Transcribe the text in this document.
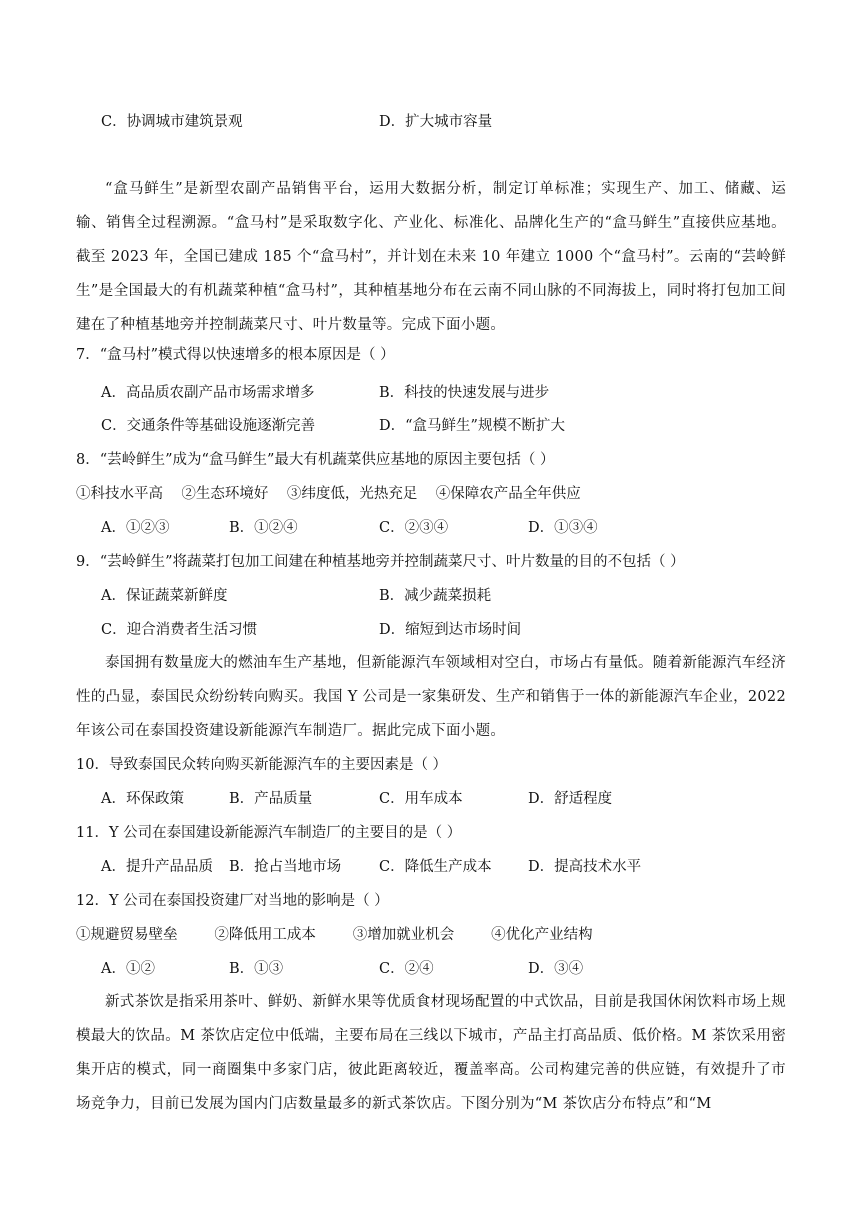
C．协调城市建筑景观	D．扩大城市容量
“盒马鲜生”是新型农副产品销售平台，运用大数据分析，制定订单标准；实现生产、加工、储藏、运输、销售全过程溯源。“盒马村”是采取数字化、产业化、标准化、品牌化生产的“盒马鲜生”直接供应基地。截至 2023 年，全国已建成 185 个“盒马村”，并计划在未来 10 年建立 1000 个“盒马村”。云南的“芸岭鲜生”是全国最大的有机蔬菜种植“盒马村”，其种植基地分布在云南不同山脉的不同海拔上，同时将打包加工间建在了种植基地旁并控制蔬菜尺寸、叶片数量等。完成下面小题。
7．“盒马村”模式得以快速增多的根本原因是（ ）
A．高品质农副产品市场需求增多	B．科技的快速发展与进步
C．交通条件等基础设施逐渐完善	D．“盒马鲜生”规模不断扩大
8．“芸岭鲜生”成为“盒马鲜生”最大有机蔬菜供应基地的原因主要包括（ ）
①科技水平高    ②生态环境好    ③纬度低，光热充足    ④保障农产品全年供应
A．①②③	B．①②④	C．②③④	D．①③④
9．“芸岭鲜生”将蔬菜打包加工间建在种植基地旁并控制蔬菜尺寸、叶片数量的目的不包括（ ）
A．保证蔬菜新鲜度	B．减少蔬菜损耗
C．迎合消费者生活习惯	D．缩短到达市场时间
泰国拥有数量庞大的燃油车生产基地，但新能源汽车领域相对空白，市场占有量低。随着新能源汽车经济性的凸显，泰国民众纷纷转向购买。我国 Y 公司是一家集研发、生产和销售于一体的新能源汽车企业，2022 年该公司在泰国投资建设新能源汽车制造厂。据此完成下面小题。
10．导致泰国民众转向购买新能源汽车的主要因素是（ ）
A．环保政策	B．产品质量	C．用车成本	D．舒适程度
11．Y 公司在泰国建设新能源汽车制造厂的主要目的是（ ）
A．提升产品品质 B．抢占当地市场	C．降低生产成本	D．提高技术水平
12．Y 公司在泰国投资建厂对当地的影响是（ ）
①规避贸易壁垒        ②降低用工成本        ③增加就业机会        ④优化产业结构
A．①②	B．①③	C．②④	D．③④
新式茶饮是指采用茶叶、鲜奶、新鲜水果等优质食材现场配置的中式饮品，目前是我国休闲饮料市场上规模最大的饮品。M 茶饮店定位中低端，主要布局在三线以下城市，产品主打高品质、低价格。M 茶饮采用密集开店的模式，同一商圈集中多家门店，彼此距离较近，覆盖率高。公司构建完善的供应链，有效提升了市场竞争力，目前已发展为国内门店数量最多的新式茶饮店。下图分别为“M 茶饮店分布特点”和“M
